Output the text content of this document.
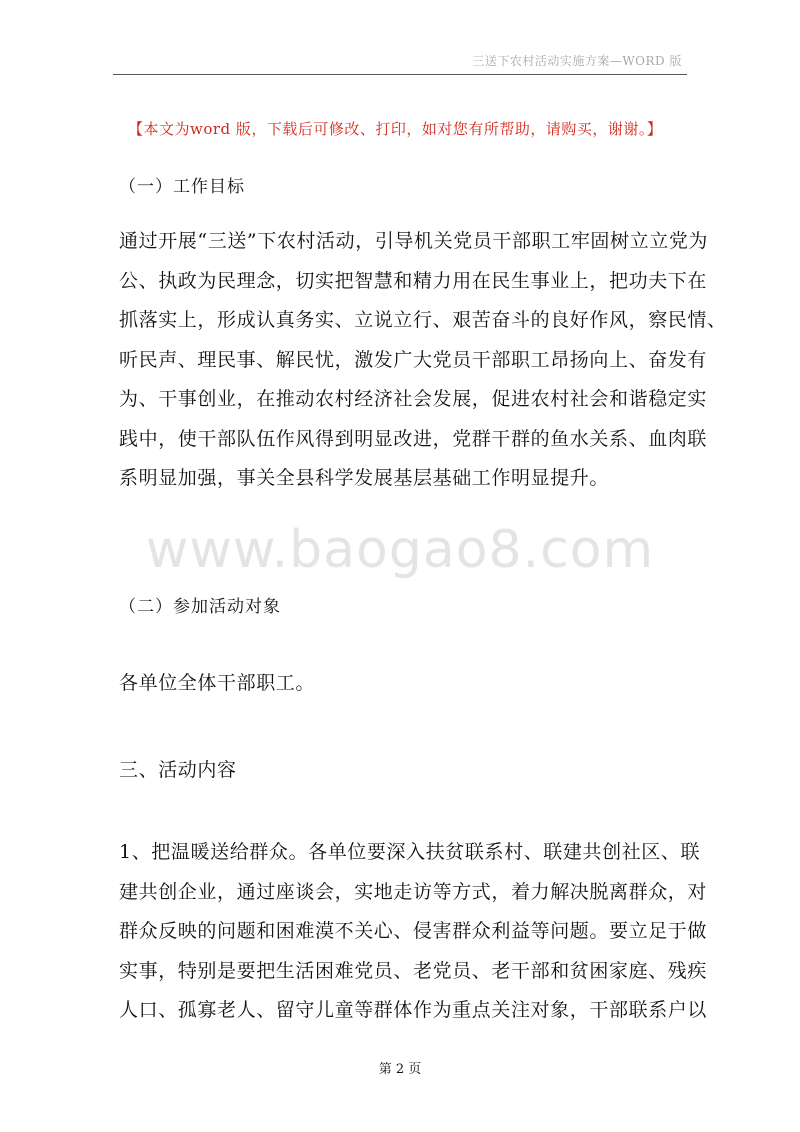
三送下农村活动实施方案—WORD 版
【本文为word 版，下载后可修改、打印，如对您有所帮助，请购买，谢谢。】
（一）工作目标
通过开展“三送”下农村活动，引导机关党员干部职工牢固树立立党为
公、执政为民理念，切实把智慧和精力用在民生事业上，把功夫下在
抓落实上，形成认真务实、立说立行、艰苦奋斗的良好作风，察民情、
听民声、理民事、解民忧，激发广大党员干部职工昂扬向上、奋发有
为、干事创业，在推动农村经济社会发展，促进农村社会和谐稳定实
践中，使干部队伍作风得到明显改进，党群干群的鱼水关系、血肉联
系明显加强，事关全县科学发展基层基础工作明显提升。
www.baogao8.com
（二）参加活动对象
各单位全体干部职工。
三、活动内容
1、把温暖送给群众。各单位要深入扶贫联系村、联建共创社区、联
建共创企业，通过座谈会，实地走访等方式，着力解决脱离群众，对
群众反映的问题和困难漠不关心、侵害群众利益等问题。要立足于做
实事，特别是要把生活困难党员、老党员、老干部和贫困家庭、残疾
人口、孤寡老人、留守儿童等群体作为重点关注对象，干部联系户以
第 2 页
